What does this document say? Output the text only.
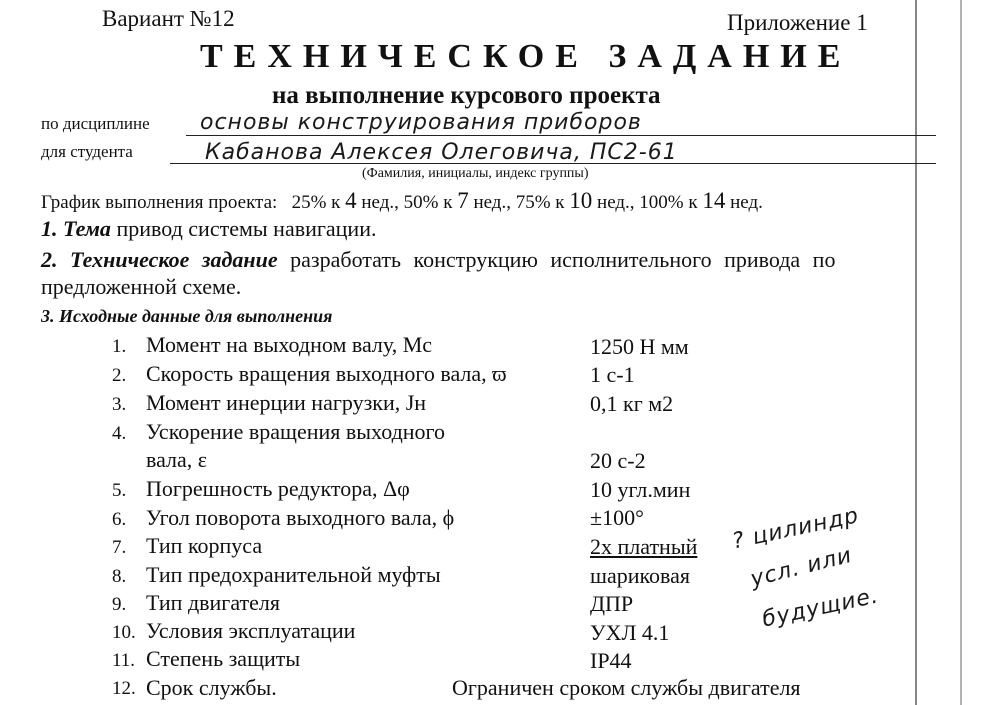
Вариант №12	Приложение 1
ТЕХНИЧЕСКОЕ ЗАДАНИЕ
на выполнение курсового проекта
по дисциплине основы конструирования приборов
для студента	Кабанова Алексея Олеговича, ПС2-61
(Фамилия, инициалы, индекс группы)
График выполнения проекта: 25% к 4 нед., 50% к 7 нед., 75% к 10 нед., 100% к 14 нед.
1. Тема привод системы навигации.
2. Техническое задание разработать конструкцию исполнительного привода по
предложенной схеме.
3. Исходные данные для выполнения
1. Момент на выходном валу, Mc	1250 Н мм
2. Скорость вращения выходного вала, ϖ	1 с-1
3. Момент инерции нагрузки, Jн	0,1 кг м2
4. Ускорение вращения выходного
вала, ε	20 с-2
5. Погрешность редуктора, Δφ	10 угл.мин
6. Угол поворота выходного вала, ϕ	±100°
7. Тип корпуса	2х платный
8. Тип предохранительной муфты	шариковая
9. Тип двигателя	ДПР
10. Условия эксплуатации	УХЛ 4.1
11. Степень защиты	IP44
12. Срок службы.	Ограничен сроком службы двигателя
? цилиндр
усл. или
будущие.
